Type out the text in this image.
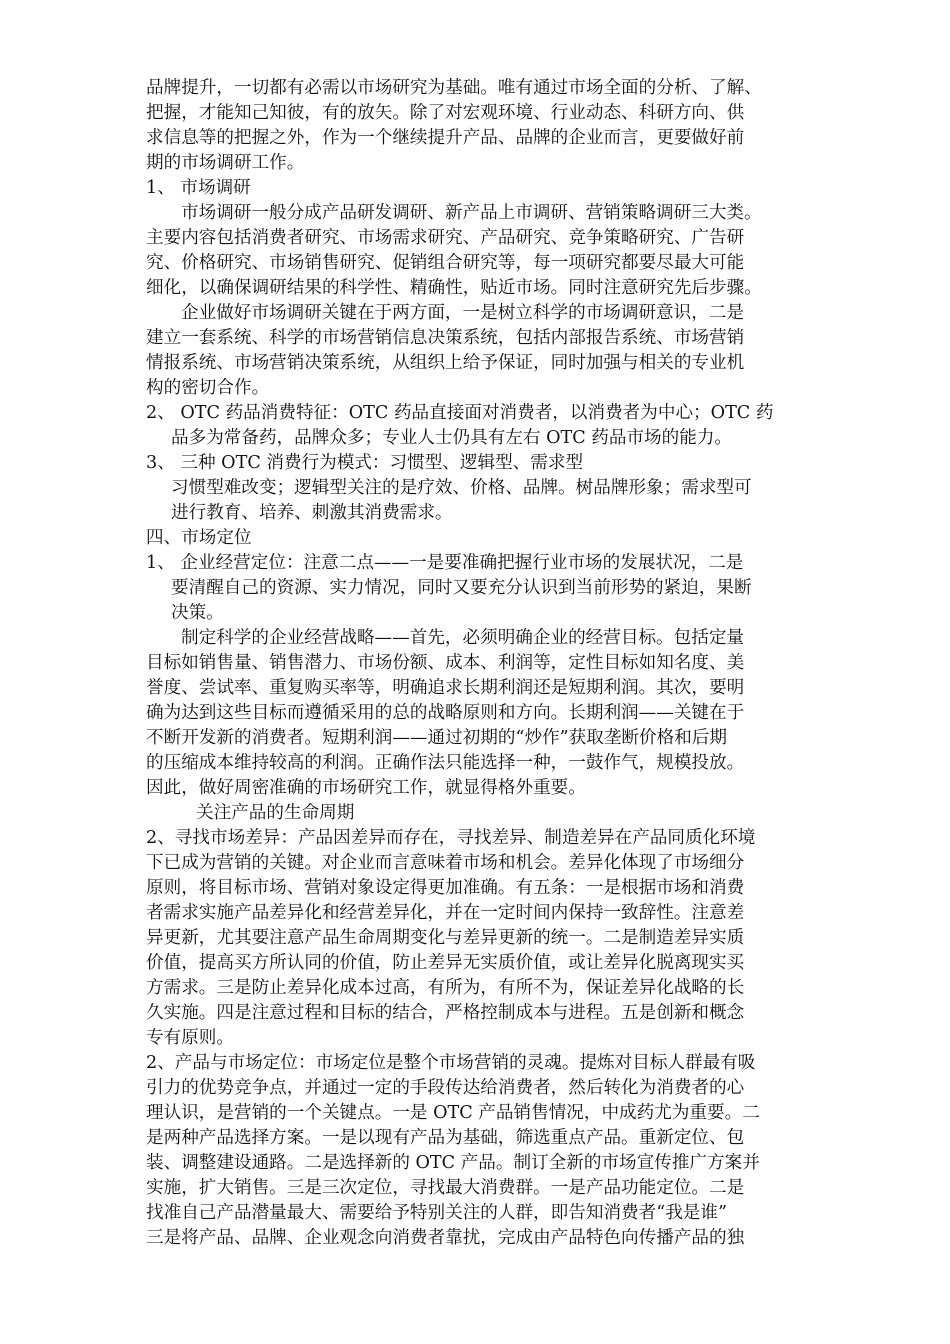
品牌提升，一切都有必需以市场研究为基础。唯有通过市场全面的分析、了解、
把握，才能知己知彼，有的放矢。除了对宏观环境、行业动态、科研方向、供
求信息等的把握之外，作为一个继续提升产品、品牌的企业而言，更要做好前
期的市场调研工作。
1、 市场调研
市场调研一般分成产品研发调研、新产品上市调研、营销策略调研三大类。
主要内容包括消费者研究、市场需求研究、产品研究、竞争策略研究、广告研
究、价格研究、市场销售研究、促销组合研究等，每一项研究都要尽最大可能
细化，以确保调研结果的科学性、精确性，贴近市场。同时注意研究先后步骤。
企业做好市场调研关键在于两方面，一是树立科学的市场调研意识，二是
建立一套系统、科学的市场营销信息决策系统，包括内部报告系统、市场营销
情报系统、市场营销决策系统，从组织上给予保证，同时加强与相关的专业机
构的密切合作。
2、 OTC 药品消费特征：OTC 药品直接面对消费者，以消费者为中心；OTC 药
品多为常备药，品牌众多；专业人士仍具有左右 OTC 药品市场的能力。
3、 三种 OTC 消费行为模式：习惯型、逻辑型、需求型
习惯型难改变；逻辑型关注的是疗效、价格、品牌。树品牌形象；需求型可
进行教育、培养、刺激其消费需求。
四、市场定位
1、 企业经营定位：注意二点——一是要准确把握行业市场的发展状况，二是
要清醒自己的资源、实力情况，同时又要充分认识到当前形势的紧迫，果断
决策。
制定科学的企业经营战略——首先，必须明确企业的经营目标。包括定量
目标如销售量、销售潜力、市场份额、成本、利润等，定性目标如知名度、美
誉度、尝试率、重复购买率等，明确追求长期利润还是短期利润。其次，要明
确为达到这些目标而遵循采用的总的战略原则和方向。长期利润——关键在于
不断开发新的消费者。短期利润——通过初期的“炒作”获取垄断价格和后期
的压缩成本维持较高的利润。正确作法只能选择一种，一鼓作气，规模投放。
因此，做好周密准确的市场研究工作，就显得格外重要。
关注产品的生命周期
2、寻找市场差异：产品因差异而存在，寻找差异、制造差异在产品同质化环境
下已成为营销的关键。对企业而言意味着市场和机会。差异化体现了市场细分
原则，将目标市场、营销对象设定得更加准确。有五条：一是根据市场和消费
者需求实施产品差异化和经营差异化，并在一定时间内保持一致辞性。注意差
异更新，尤其要注意产品生命周期变化与差异更新的统一。二是制造差异实质
价值，提高买方所认同的价值，防止差异无实质价值，或让差异化脱离现实买
方需求。三是防止差异化成本过高，有所为，有所不为，保证差异化战略的长
久实施。四是注意过程和目标的结合，严格控制成本与进程。五是创新和概念
专有原则。
2、产品与市场定位：市场定位是整个市场营销的灵魂。提炼对目标人群最有吸
引力的优势竞争点，并通过一定的手段传达给消费者，然后转化为消费者的心
理认识，是营销的一个关键点。一是 OTC 产品销售情况，中成药尤为重要。二
是两种产品选择方案。一是以现有产品为基础，筛选重点产品。重新定位、包
装、调整建设通路。二是选择新的 OTC 产品。制订全新的市场宣传推广方案并
实施，扩大销售。三是三次定位，寻找最大消费群。一是产品功能定位。二是
找准自己产品潜量最大、需要给予特别关注的人群，即告知消费者“我是谁”
三是将产品、品牌、企业观念向消费者靠扰，完成由产品特色向传播产品的独
